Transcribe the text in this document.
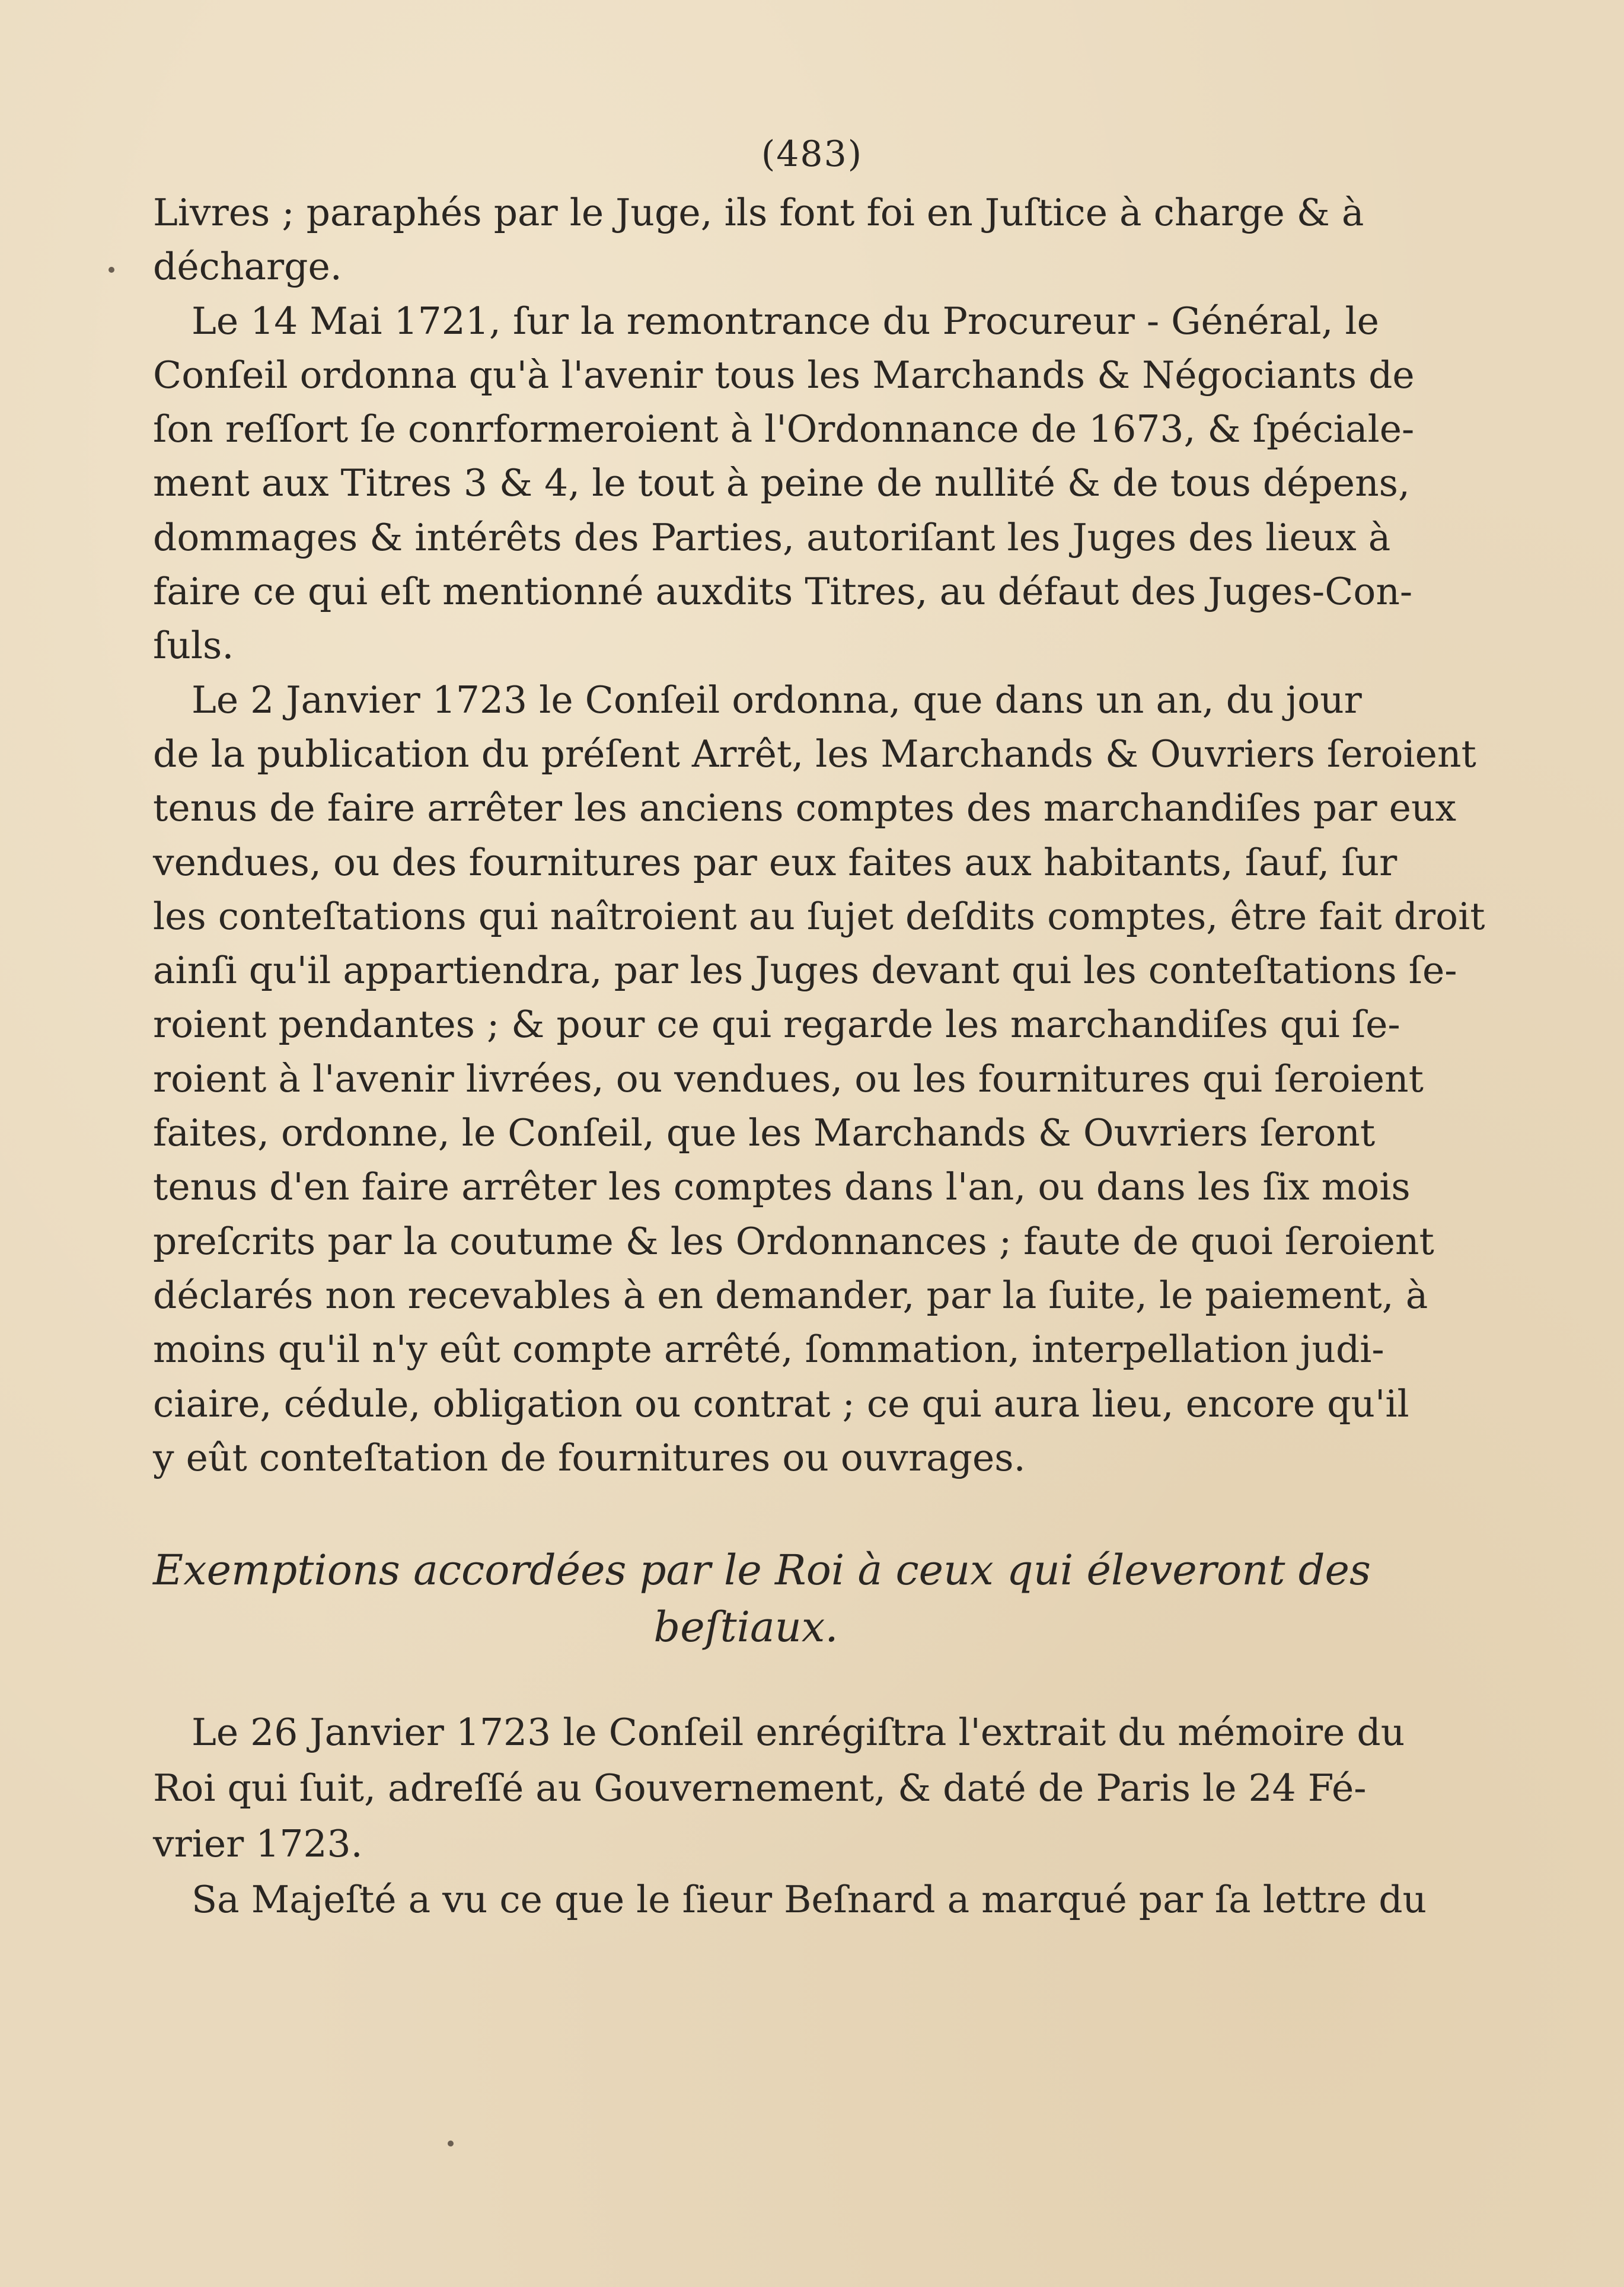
(483)
Livres ; paraphés par le Juge, ils font foi en Juſtice à charge & à
décharge.
Le 14 Mai 1721, ſur la remontrance du Procureur - Général, le
Conſeil ordonna qu'à l'avenir tous les Marchands & Négociants de
ſon reſſort ſe conrformeroient à l'Ordonnance de 1673, & ſpéciale-
ment aux Titres 3 & 4, le tout à peine de nullité & de tous dépens,
dommages & intérêts des Parties, autoriſant les Juges des lieux à
faire ce qui eſt mentionné auxdits Titres, au défaut des Juges-Con-
ſuls.
Le 2 Janvier 1723 le Conſeil ordonna, que dans un an, du jour
de la publication du préſent Arrêt, les Marchands & Ouvriers ſeroient
tenus de faire arrêter les anciens comptes des marchandiſes par eux
vendues, ou des fournitures par eux faites aux habitants, ſauf, ſur
les conteſtations qui naîtroient au ſujet deſdits comptes, être fait droit
ainſi qu'il appartiendra, par les Juges devant qui les conteſtations ſe-
roient pendantes ; & pour ce qui regarde les marchandiſes qui ſe-
roient à l'avenir livrées, ou vendues, ou les fournitures qui ſeroient
faites, ordonne, le Conſeil, que les Marchands & Ouvriers ſeront
tenus d'en faire arrêter les comptes dans l'an, ou dans les ſix mois
preſcrits par la coutume & les Ordonnances ; faute de quoi ſeroient
déclarés non recevables à en demander, par la ſuite, le paiement, à
moins qu'il n'y eût compte arrêté, ſommation, interpellation judi-
ciaire, cédule, obligation ou contrat ; ce qui aura lieu, encore qu'il
y eût conteſtation de fournitures ou ouvrages.
Exemptions accordées par le Roi à ceux qui éleveront des
beſtiaux.
Le 26 Janvier 1723 le Conſeil enrégiſtra l'extrait du mémoire du
Roi qui ſuit, adreſſé au Gouvernement, & daté de Paris le 24 Fé-
vrier 1723.
Sa Majeſté a vu ce que le ſieur Beſnard a marqué par ſa lettre du
